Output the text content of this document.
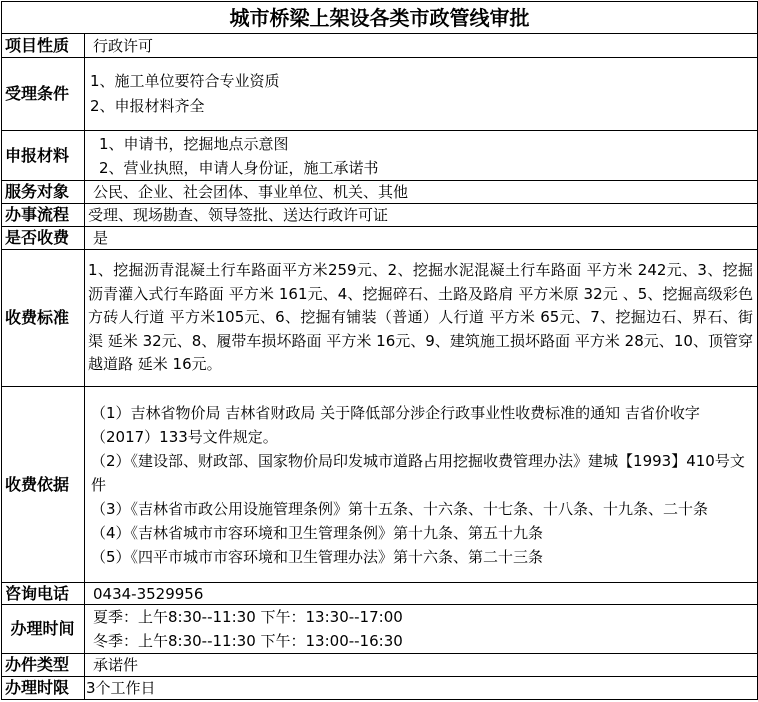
城市桥梁上架设各类市政管线审批	
项目性质	行政许可
受理条件	1、施工单位要符合专业资质
2、申报材料齐全

申报材料	1、申请书，挖掘地点示意图
2、营业执照，申请人身份证，施工承诺书

服务对象	公民、企业、社会团体、事业单位、机关、其他
办事流程	受理、现场勘查、领导签批、送达行政许可证
是否收费	是
收费标准	1、挖掘沥青混凝土行车路面平方米259元、2、挖掘水泥混凝土行车路面 平方米 242元、3、挖掘沥青灌入式行车路面 平方米 161元、4、挖掘碎石、土路及路肩 平方米原 32元 、5、挖掘高级彩色方砖人行道 平方米105元、6、挖掘有铺装（普通）人行道 平方米 65元、7、挖掘边石、界石、街渠 延米 32元、8、履带车损坏路面 平方米 16元、9、建筑施工损坏路面 平方米 28元、10、顶管穿越道路 延米 16元。
收费依据	（1）吉林省物价局 吉林省财政局 关于降低部分涉企行政事业性收费标准的通知 吉省价收字（2017）133号文件规定。
（2）《建设部、财政部、国家物价局印发城市道路占用挖掘收费管理办法》建城【1993】410号文件
（3）《吉林省市政公用设施管理条例》第十五条、十六条、十七条、十八条、十九条、二十条
（4）《吉林省城市市容环境和卫生管理条例》第十九条、第五十九条
（5）《四平市城市市容环境和卫生管理办法》第十六条、第二十三条

咨询电话	0434-3529956
办理时间	夏季：上午8:30--11:30 下午：13:30--17:00
冬季：上午8:30--11:30 下午：13:00--16:30

办件类型	承诺件
办理时限	3个工作日
